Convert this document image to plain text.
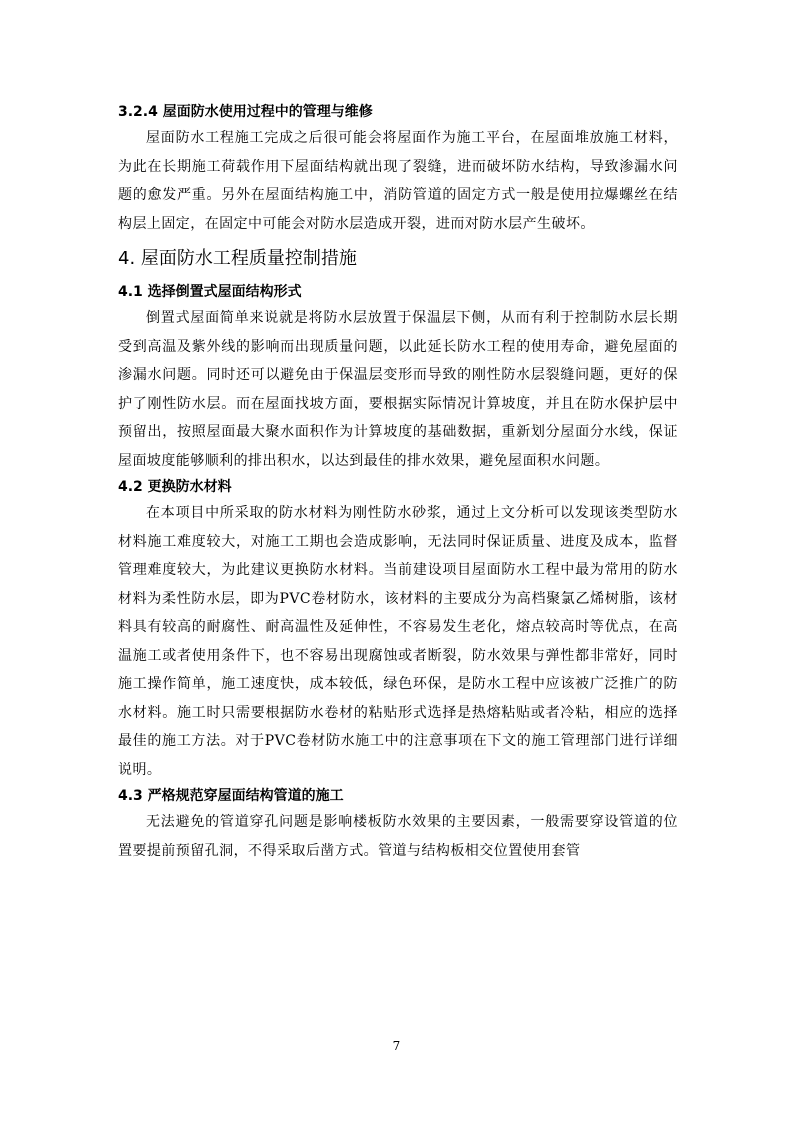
3.2.4 屋面防水使用过程中的管理与维修

屋面防水工程施工完成之后很可能会将屋面作为施工平台，在屋面堆放施工材料，为此在长期施工荷载作用下屋面结构就出现了裂缝，进而破坏防水结构，导致渗漏水问题的愈发严重。另外在屋面结构施工中，消防管道的固定方式一般是使用拉爆螺丝在结构层上固定，在固定中可能会对防水层造成开裂，进而对防水层产生破坏。

4. 屋面防水工程质量控制措施
4.1 选择倒置式屋面结构形式

倒置式屋面简单来说就是将防水层放置于保温层下侧，从而有利于控制防水层长期受到高温及紫外线的影响而出现质量问题，以此延长防水工程的使用寿命，避免屋面的渗漏水问题。同时还可以避免由于保温层变形而导致的刚性防水层裂缝问题，更好的保护了刚性防水层。而在屋面找坡方面，要根据实际情况计算坡度，并且在防水保护层中预留出，按照屋面最大聚水面积作为计算坡度的基础数据，重新划分屋面分水线，保证屋面坡度能够顺利的排出积水，以达到最佳的排水效果，避免屋面积水问题。

4.2 更换防水材料

在本项目中所采取的防水材料为刚性防水砂浆，通过上文分析可以发现该类型防水材料施工难度较大，对施工工期也会造成影响，无法同时保证质量、进度及成本，监督管理难度较大，为此建议更换防水材料。当前建设项目屋面防水工程中最为常用的防水材料为柔性防水层，即为PVC卷材防水，该材料的主要成分为高档聚氯乙烯树脂，该材料具有较高的耐腐性、耐高温性及延伸性，不容易发生老化，熔点较高时等优点，在高温施工或者使用条件下，也不容易出现腐蚀或者断裂，防水效果与弹性都非常好，同时施工操作简单，施工速度快，成本较低，绿色环保，是防水工程中应该被广泛推广的防水材料。施工时只需要根据防水卷材的粘贴形式选择是热熔粘贴或者冷粘，相应的选择最佳的施工方法。对于PVC卷材防水施工中的注意事项在下文的施工管理部门进行详细说明。

4.3 严格规范穿屋面结构管道的施工

无法避免的管道穿孔问题是影响楼板防水效果的主要因素，一般需要穿设管道的位置要提前预留孔洞，不得采取后凿方式。管道与结构板相交位置使用套管

7
